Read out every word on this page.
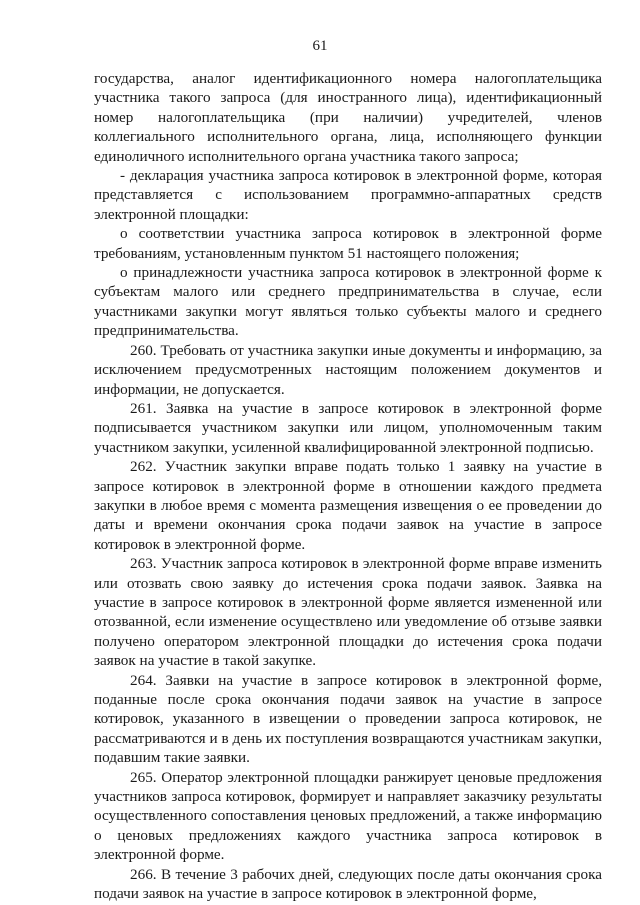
61

государства, аналог идентификационного номера налогоплательщика участника такого запроса (для иностранного лица), идентификационный номер налогоплательщика (при наличии) учредителей, членов коллегиального исполнительного органа, лица, исполняющего функции единоличного исполнительного органа участника такого запроса;

- декларация участника запроса котировок в электронной форме, которая представляется с использованием программно-аппаратных средств электронной площадки:

о соответствии участника запроса котировок в электронной форме требованиям, установленным пунктом 51 настоящего положения;

о принадлежности участника запроса котировок в электронной форме к субъектам малого или среднего предпринимательства в случае, если участниками закупки могут являться только субъекты малого и среднего предпринимательства.

260. Требовать от участника закупки иные документы и информацию, за исключением предусмотренных настоящим положением документов и информации, не допускается.

261. Заявка на участие в запросе котировок в электронной форме подписывается участником закупки или лицом, уполномоченным таким участником закупки, усиленной квалифицированной электронной подписью.

262. Участник закупки вправе подать только 1 заявку на участие в запросе котировок в электронной форме в отношении каждого предмета закупки в любое время с момента размещения извещения о ее проведении до даты и времени окончания срока подачи заявок на участие в запросе котировок в электронной форме.

263. Участник запроса котировок в электронной форме вправе изменить или отозвать свою заявку до истечения срока подачи заявок. Заявка на участие в запросе котировок в электронной форме является измененной или отозванной, если изменение осуществлено или уведомление об отзыве заявки получено оператором электронной площадки до истечения срока подачи заявок на участие в такой закупке.

264. Заявки на участие в запросе котировок в электронной форме, поданные после срока окончания подачи заявок на участие в запросе котировок, указанного в извещении о проведении запроса котировок, не рассматриваются и в день их поступления возвращаются участникам закупки, подавшим такие заявки.

265. Оператор электронной площадки ранжирует ценовые предложения участников запроса котировок, формирует и направляет заказчику результаты осуществленного сопоставления ценовых предложений, а также информацию о ценовых предложениях каждого участника запроса котировок в электронной форме.

266. В течение 3 рабочих дней, следующих после даты окончания срока подачи заявок на участие в запросе котировок в электронной форме,
